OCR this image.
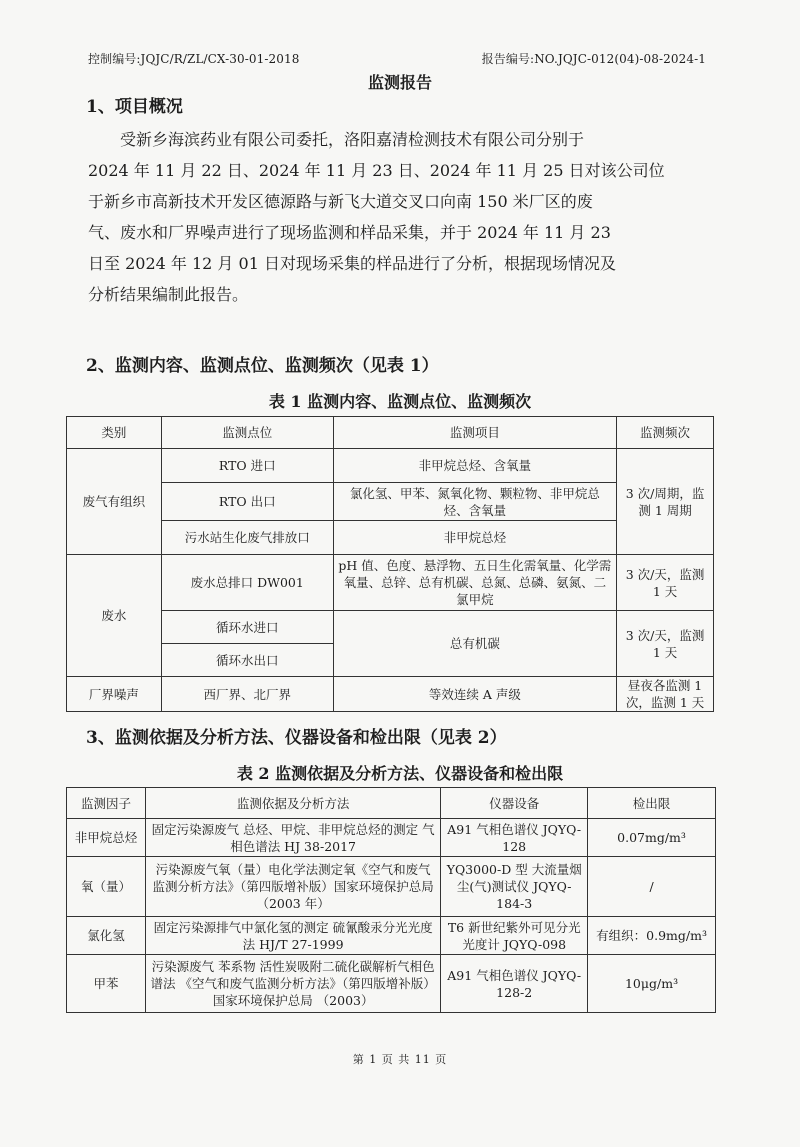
控制编号:JQJC/R/ZL/CX-30-01-2018	报告编号:NO.JQJC-012(04)-08-2024-1
监测报告
1、项目概况
受新乡海滨药业有限公司委托，洛阳嘉清检测技术有限公司分别于
2024 年 11 月 22 日、2024 年 11 月 23 日、2024 年 11 月 25 日对该公司位
于新乡市高新技术开发区德源路与新飞大道交叉口向南 150 米厂区的废
气、废水和厂界噪声进行了现场监测和样品采集，并于 2024 年 11 月 23
日至 2024 年 12 月 01 日对现场采集的样品进行了分析，根据现场情况及
分析结果编制此报告。
2、监测内容、监测点位、监测频次（见表 1）
表 1 监测内容、监测点位、监测频次
类别	监测点位	监测项目	监测频次
废气有组织	RTO 进口	非甲烷总烃、含氧量	3 次/周期，监测 1 周期
	RTO 出口	氯化氢、甲苯、氮氧化物、颗粒物、非甲烷总烃、含氧量	
	污水站生化废气排放口	非甲烷总烃	
废水	废水总排口 DW001	pH 值、色度、悬浮物、五日生化需氧量、化学需氧量、总锌、总有机碳、总氮、总磷、氨氮、二氯甲烷	3 次/天，监测 1 天
	循环水进口	总有机碳	3 次/天，监测 1 天
	循环水出口		
厂界噪声	西厂界、北厂界	等效连续 A 声级	昼夜各监测 1 次，监测 1 天
3、监测依据及分析方法、仪器设备和检出限（见表 2）
表 2 监测依据及分析方法、仪器设备和检出限
监测因子	监测依据及分析方法	仪器设备	检出限
非甲烷总烃	固定污染源废气 总烃、甲烷、非甲烷总烃的测定 气相色谱法 HJ 38-2017	A91 气相色谱仪 JQYQ-128	0.07mg/m³
氧（量）	污染源废气氧（量）电化学法测定氧《空气和废气监测分析方法》（第四版增补版）国家环境保护总局（2003 年）	YQ3000-D 型 大流量烟尘(气)测试仪 JQYQ-184-3	/
氯化氢	固定污染源排气中氯化氢的测定 硫氰酸汞分光光度法 HJ/T 27-1999	T6 新世纪紫外可见分光光度计 JQYQ-098	有组织：0.9mg/m³
甲苯	污染源废气 苯系物 活性炭吸附二硫化碳解析气相色谱法 《空气和废气监测分析方法》（第四版增补版）国家环境保护总局 （2003）	A91 气相色谱仪 JQYQ-128-2	10μg/m³
第 1 页 共 11 页
